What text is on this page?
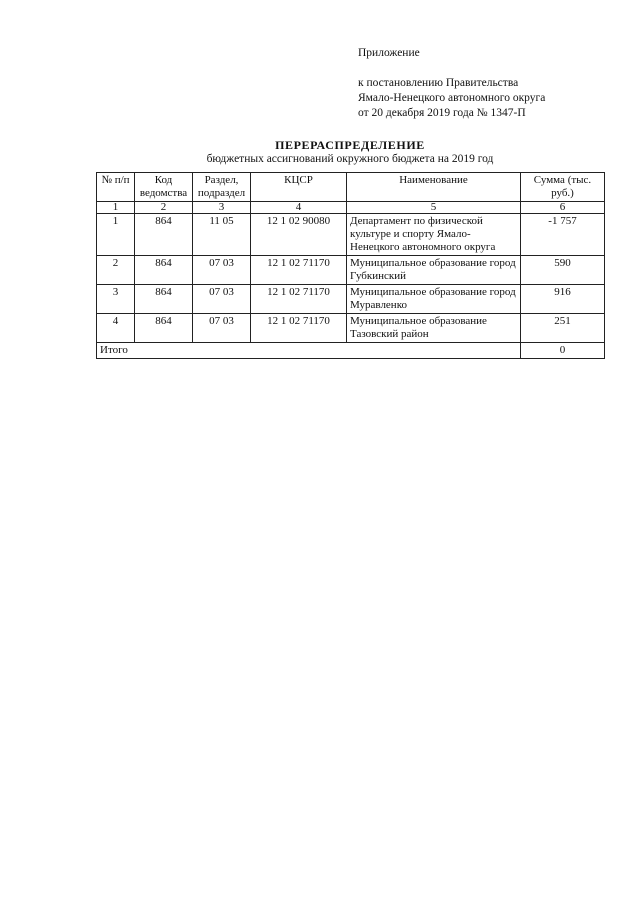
Приложение
к постановлению Правительства
Ямало-Ненецкого автономного округа
от 20 декабря 2019 года № 1347-П
ПЕРЕРАСПРЕДЕЛЕНИЕ
бюджетных ассигнований окружного бюджета на 2019 год
№ п/п	Код ведомства	Раздел, подраздел	КЦСР	Наименование	Сумма (тыс. руб.)
1	2	3	4	5	6
1	864	11 05	12 1 02 90080	Департамент по физической культуре и спорту Ямало-Ненецкого автономного округа	-1 757
2	864	07 03	12 1 02 71170	Муниципальное образование город Губкинский	590
3	864	07 03	12 1 02 71170	Муниципальное образование город Муравленко	916
4	864	07 03	12 1 02 71170	Муниципальное образование Тазовский район	251
Итого					0
